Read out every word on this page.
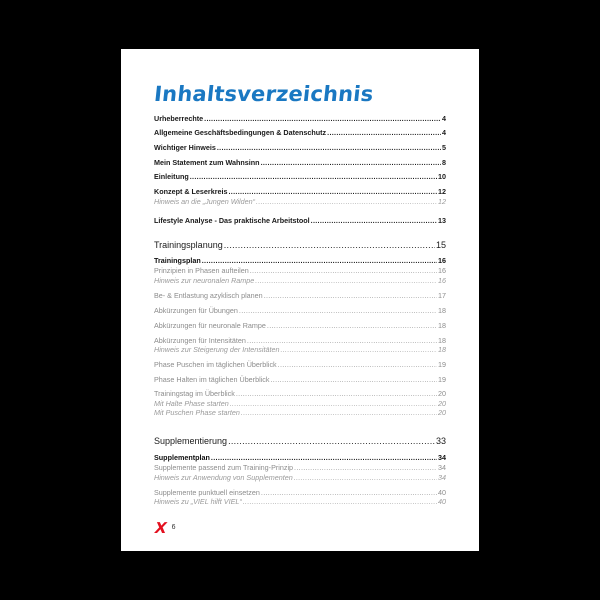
Inhaltsverzeichnis
Urheberrechte .....	4
Allgemeine Geschäftsbedingungen & Datenschutz .....	4
Wichtiger Hinweis .....	5
Mein Statement zum Wahnsinn .....	8
Einleitung .....	10
Konzept & Leserkreis .....	12
Hinweis an die „Jungen Wilden“ .....	12
Lifestyle Analyse - Das praktische Arbeitstool .....	13
Trainingsplanung .....	15
Trainingsplan .....	16
Prinzipien in Phasen aufteilen .....	16
Hinweis zur neuronalen Rampe .....	16
Be- & Entlastung azyklisch planen .....	17
Abkürzungen für Übungen .....	18
Abkürzungen für neuronale Rampe .....	18
Abkürzungen für Intensitäten .....	18
Hinweis zur Steigerung der Intensitäten .....	18
Phase Puschen im täglichen Überblick .....	19
Phase Halten im täglichen Überblick .....	19
Trainingstag im Überblick .....	20
Mit Halte Phase starten .....	20
Mit Puschen Phase starten .....	20
Supplementierung .....	33
Supplementplan .....	34
Supplemente passend zum Training-Prinzip .....	34
Hinweis zur Anwendung von Supplementen .....	34
Supplemente punktuell einsetzen .....	40
Hinweis zu „VIEL hilft VIEL“ .....	40
X 6
